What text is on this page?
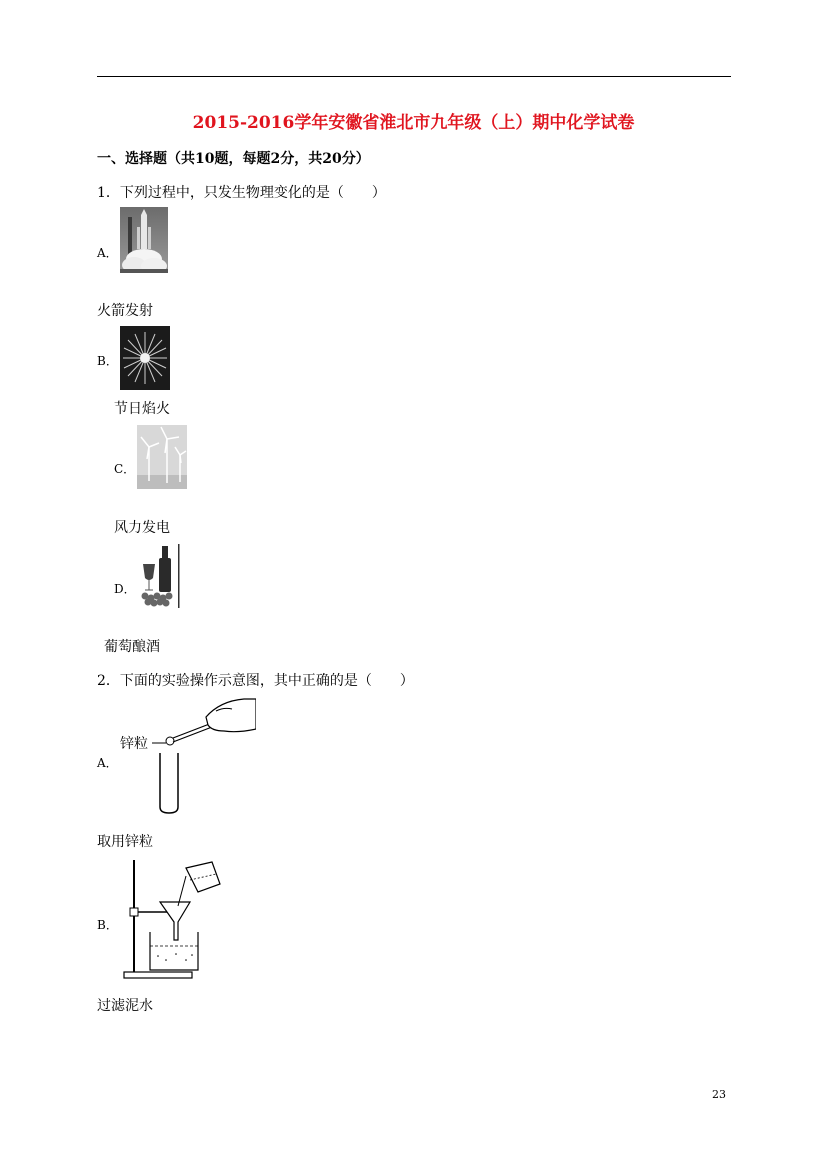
2015-2016学年安徽省淮北市九年级（上）期中化学试卷
一、选择题（共10题，每题2分，共20分）
1．下列过程中，只发生物理变化的是（　　）
A．
火箭发射
B．
节日焰火
C．
风力发电
D．
葡萄酿酒
2．下面的实验操作示意图，其中正确的是（　　）
A．
锌粒
取用锌粒
B．
过滤泥水
23
